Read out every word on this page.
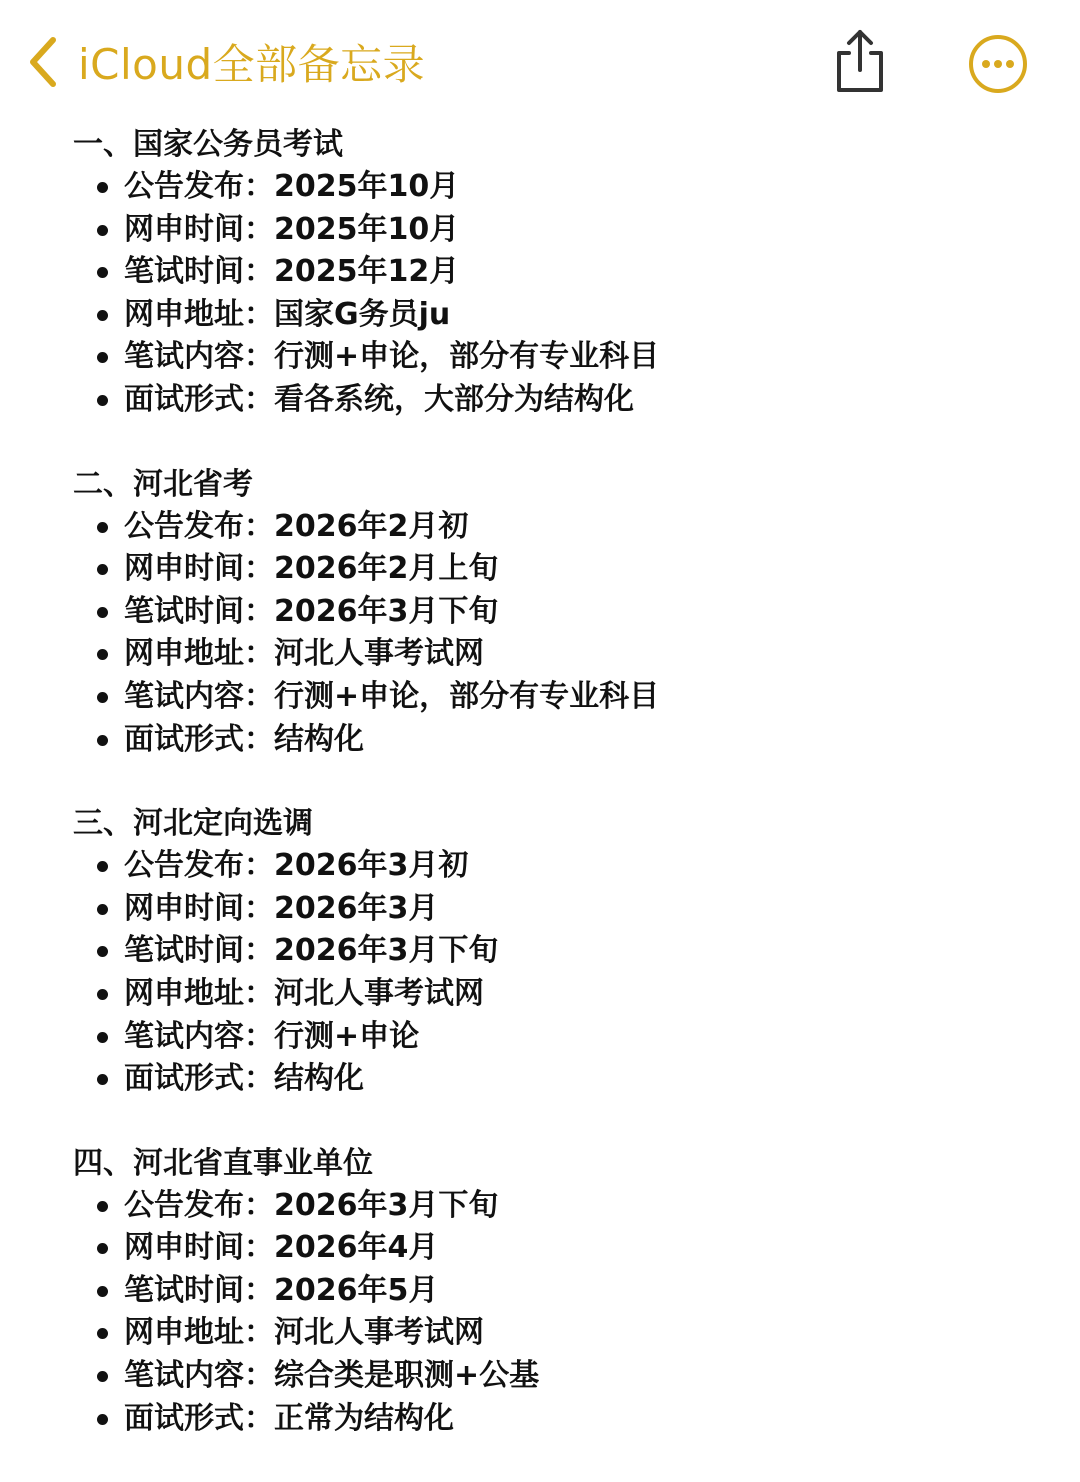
iCloud全部备忘录
一、国家公务员考试
公告发布：2025年10月
网申时间：2025年10月
笔试时间：2025年12月
网申地址：国家G务员ju
笔试内容：行测+申论，部分有专业科目
面试形式：看各系统，大部分为结构化
二、河北省考
公告发布：2026年2月初
网申时间：2026年2月上旬
笔试时间：2026年3月下旬
网申地址：河北人事考试网
笔试内容：行测+申论，部分有专业科目
面试形式：结构化
三、河北定向选调
公告发布：2026年3月初
网申时间：2026年3月
笔试时间：2026年3月下旬
网申地址：河北人事考试网
笔试内容：行测+申论
面试形式：结构化
四、河北省直事业单位
公告发布：2026年3月下旬
网申时间：2026年4月
笔试时间：2026年5月
网申地址：河北人事考试网
笔试内容：综合类是职测+公基
面试形式：正常为结构化
